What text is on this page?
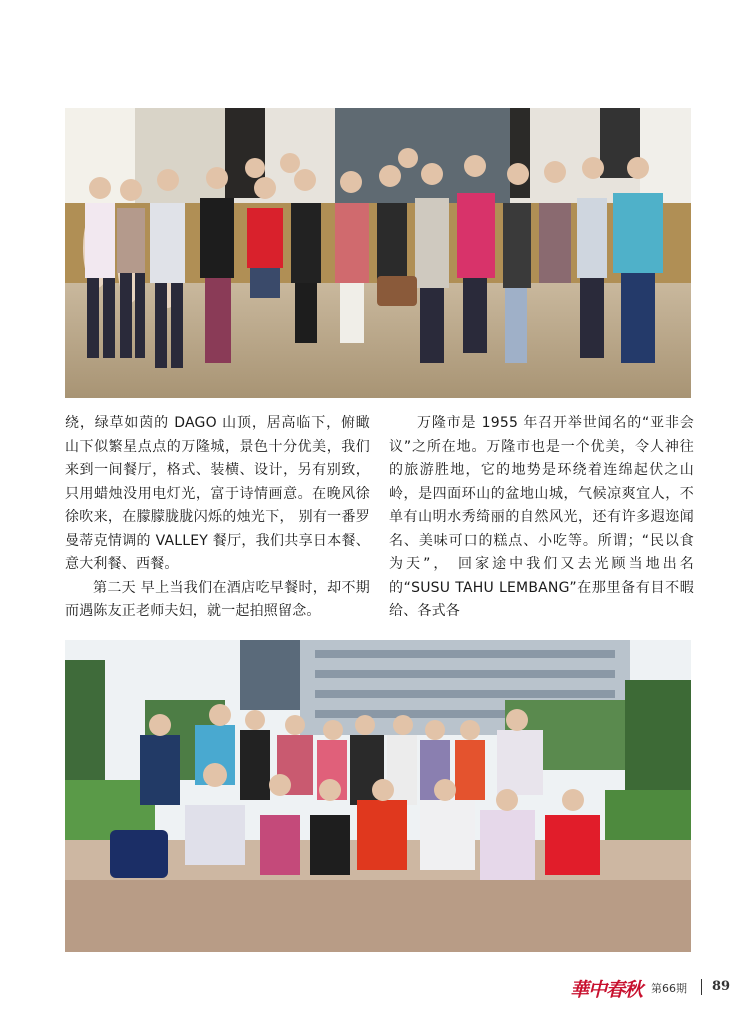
绕，绿草如茵的 DAGO 山顶，居高临下，俯瞰山下似繁星点点的万隆城，景色十分优美，我们来到一间餐厅，格式、装横、设计，另有别致，只用蜡烛没用电灯光，富于诗情画意。在晚风徐徐吹来，在朦朦胧胧闪烁的烛光下， 别有一番罗曼蒂克情调的 VALLEY 餐厅，我们共享日本餐、意大利餐、西餐。

第二天 早上当我们在酒店吃早餐时，却不期而遇陈友正老师夫妇，就一起拍照留念。

万隆市是 1955 年召开举世闻名的“亚非会议”之所在地。万隆市也是一个优美，令人神往的旅游胜地，它的地势是环绕着连绵起伏之山岭，是四面环山的盆地山城，气候凉爽宜人，不单有山明水秀绮丽的自然风光，还有许多遐迩闻名、美味可口的糕点、小吃等。所谓；“民以食为天”， 回家途中我们又去光顾当地出名的“SUSU TAHU LEMBANG”在那里备有目不暇给、各式各

華中春秋 第66期 89
